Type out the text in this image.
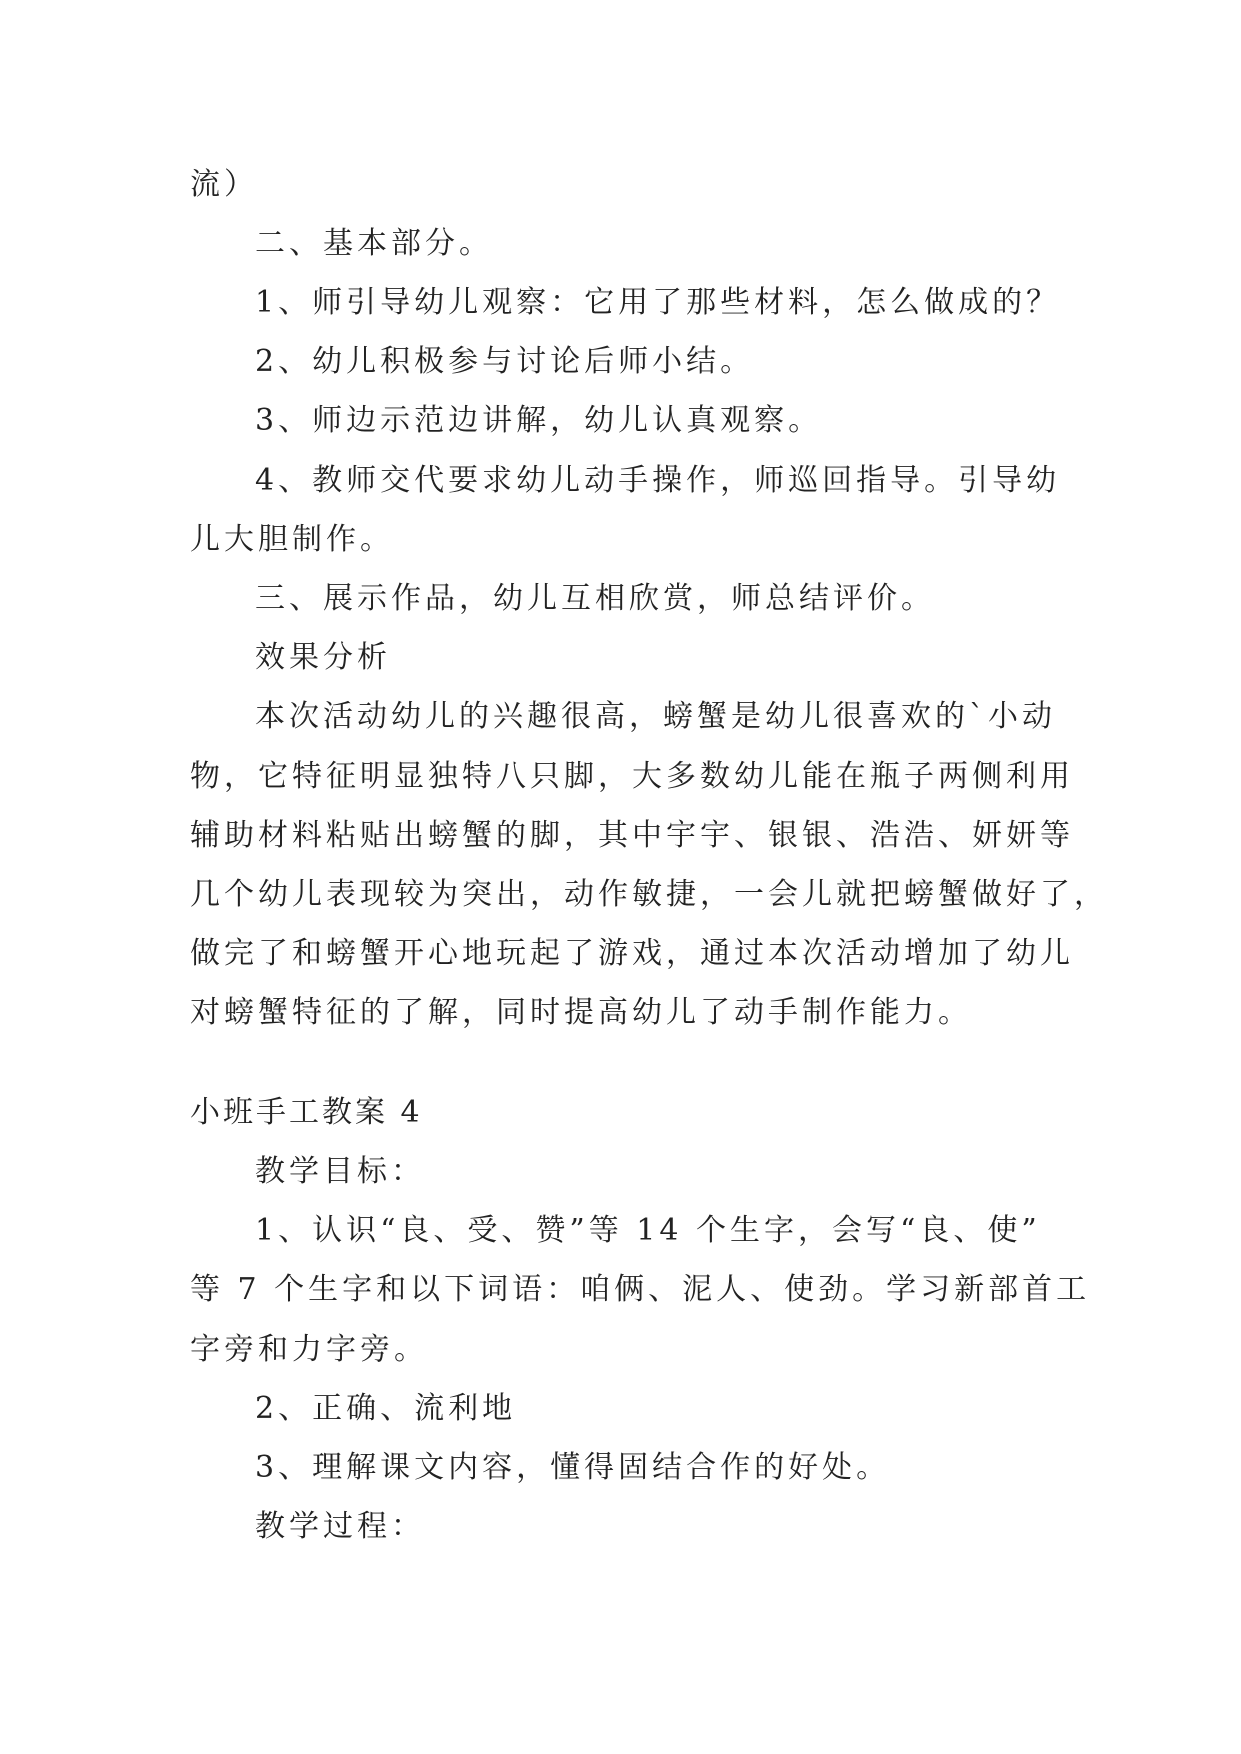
流）
二、基本部分。
1、师引导幼儿观察：它用了那些材料，怎么做成的？
2、幼儿积极参与讨论后师小结。
3、师边示范边讲解，幼儿认真观察。
4、教师交代要求幼儿动手操作，师巡回指导。引导幼
儿大胆制作。
三、展示作品，幼儿互相欣赏，师总结评价。
效果分析
本次活动幼儿的兴趣很高，螃蟹是幼儿很喜欢的`小动
物，它特征明显独特八只脚，大多数幼儿能在瓶子两侧利用
辅助材料粘贴出螃蟹的脚，其中宇宇、银银、浩浩、妍妍等
几个幼儿表现较为突出，动作敏捷，一会儿就把螃蟹做好了，
做完了和螃蟹开心地玩起了游戏，通过本次活动增加了幼儿
对螃蟹特征的了解，同时提高幼儿了动手制作能力。
小班手工教案 4
教学目标：
1、认识“良、受、赞”等 14 个生字，会写“良、使”
等 7 个生字和以下词语：咱俩、泥人、使劲。学习新部首工
字旁和力字旁。
2、正确、流利地
3、理解课文内容，懂得固结合作的好处。
教学过程：
